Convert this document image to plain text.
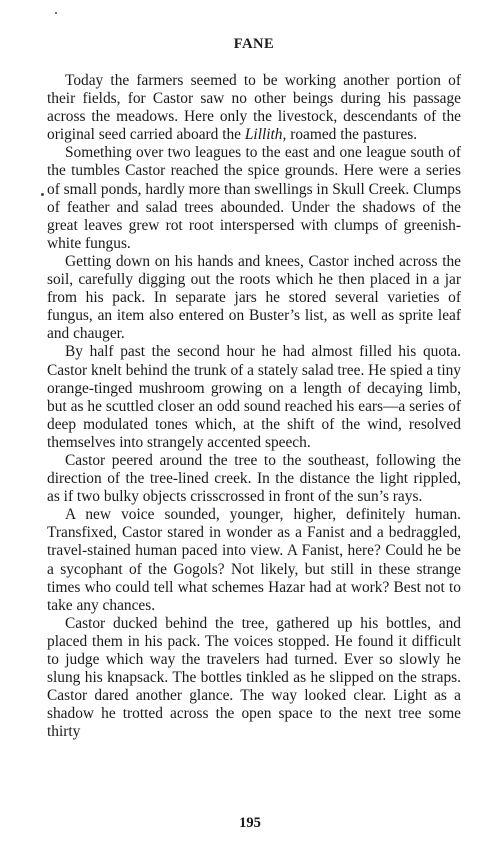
FANE

Today the farmers seemed to be working another portion of their fields, for Castor saw no other beings during his passage across the meadows. Here only the livestock, descendants of the original seed carried aboard the Lillith, roamed the pastures.

Something over two leagues to the east and one league south of the tumbles Castor reached the spice grounds. Here were a series of small ponds, hardly more than swellings in Skull Creek. Clumps of feather and salad trees abounded. Under the shadows of the great leaves grew rot root interspersed with clumps of greenish-white fungus.

Getting down on his hands and knees, Castor inched across the soil, carefully digging out the roots which he then placed in a jar from his pack. In separate jars he stored several varieties of fungus, an item also entered on Buster’s list, as well as sprite leaf and chauger.

By half past the second hour he had almost filled his quota. Castor knelt behind the trunk of a stately salad tree. He spied a tiny orange-tinged mushroom growing on a length of decaying limb, but as he scuttled closer an odd sound reached his ears—a series of deep modulated tones which, at the shift of the wind, resolved themselves into strangely accented speech.

Castor peered around the tree to the southeast, following the direction of the tree-lined creek. In the distance the light rippled, as if two bulky objects crisscrossed in front of the sun’s rays.

A new voice sounded, younger, higher, definitely human. Transfixed, Castor stared in wonder as a Fanist and a bedraggled, travel-stained human paced into view. A Fanist, here? Could he be a sycophant of the Gogols? Not likely, but still in these strange times who could tell what schemes Hazar had at work? Best not to take any chances.

Castor ducked behind the tree, gathered up his bottles, and placed them in his pack. The voices stopped. He found it difficult to judge which way the travelers had turned. Ever so slowly he slung his knapsack. The bottles tinkled as he slipped on the straps. Castor dared another glance. The way looked clear. Light as a shadow he trotted across the open space to the next tree some thirty

195
